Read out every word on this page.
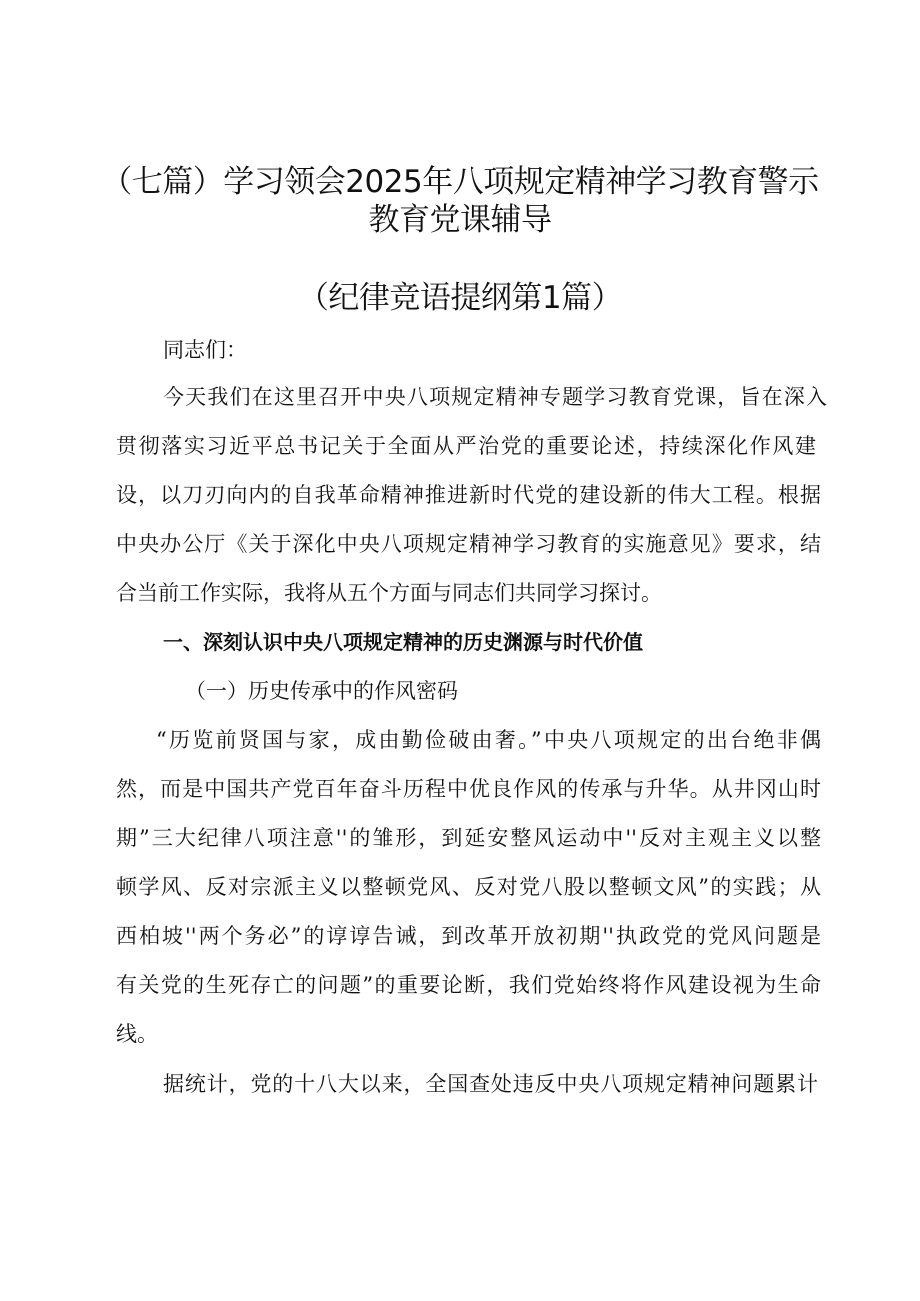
（七篇）学习领会2025年八项规定精神学习教育警示
教育党课辅导
（纪律竞语提纲第1篇）
同志们：
今天我们在这里召开中央八项规定精神专题学习教育党课，旨在深入
贯彻落实习近平总书记关于全面从严治党的重要论述，持续深化作风建
设，以刀刃向内的自我革命精神推进新时代党的建设新的伟大工程。根据
中央办公厅《关于深化中央八项规定精神学习教育的实施意见》要求，结
合当前工作实际，我将从五个方面与同志们共同学习探讨。
一、深刻认识中央八项规定精神的历史渊源与时代价值
（一）历史传承中的作风密码
“历览前贤国与家，成由勤俭破由奢。”中央八项规定的出台绝非偶
然，而是中国共产党百年奋斗历程中优良作风的传承与升华。从井冈山时
期”三大纪律八项注意''的雏形，到延安整风运动中''反对主观主义以整
顿学风、反对宗派主义以整顿党风、反对党八股以整顿文风”的实践；从
西柏坡''两个务必”的谆谆告诫，到改革开放初期''执政党的党风问题是
有关党的生死存亡的问题”的重要论断，我们党始终将作风建设视为生命
线。
据统计，党的十八大以来，全国查处违反中央八项规定精神问题累计
